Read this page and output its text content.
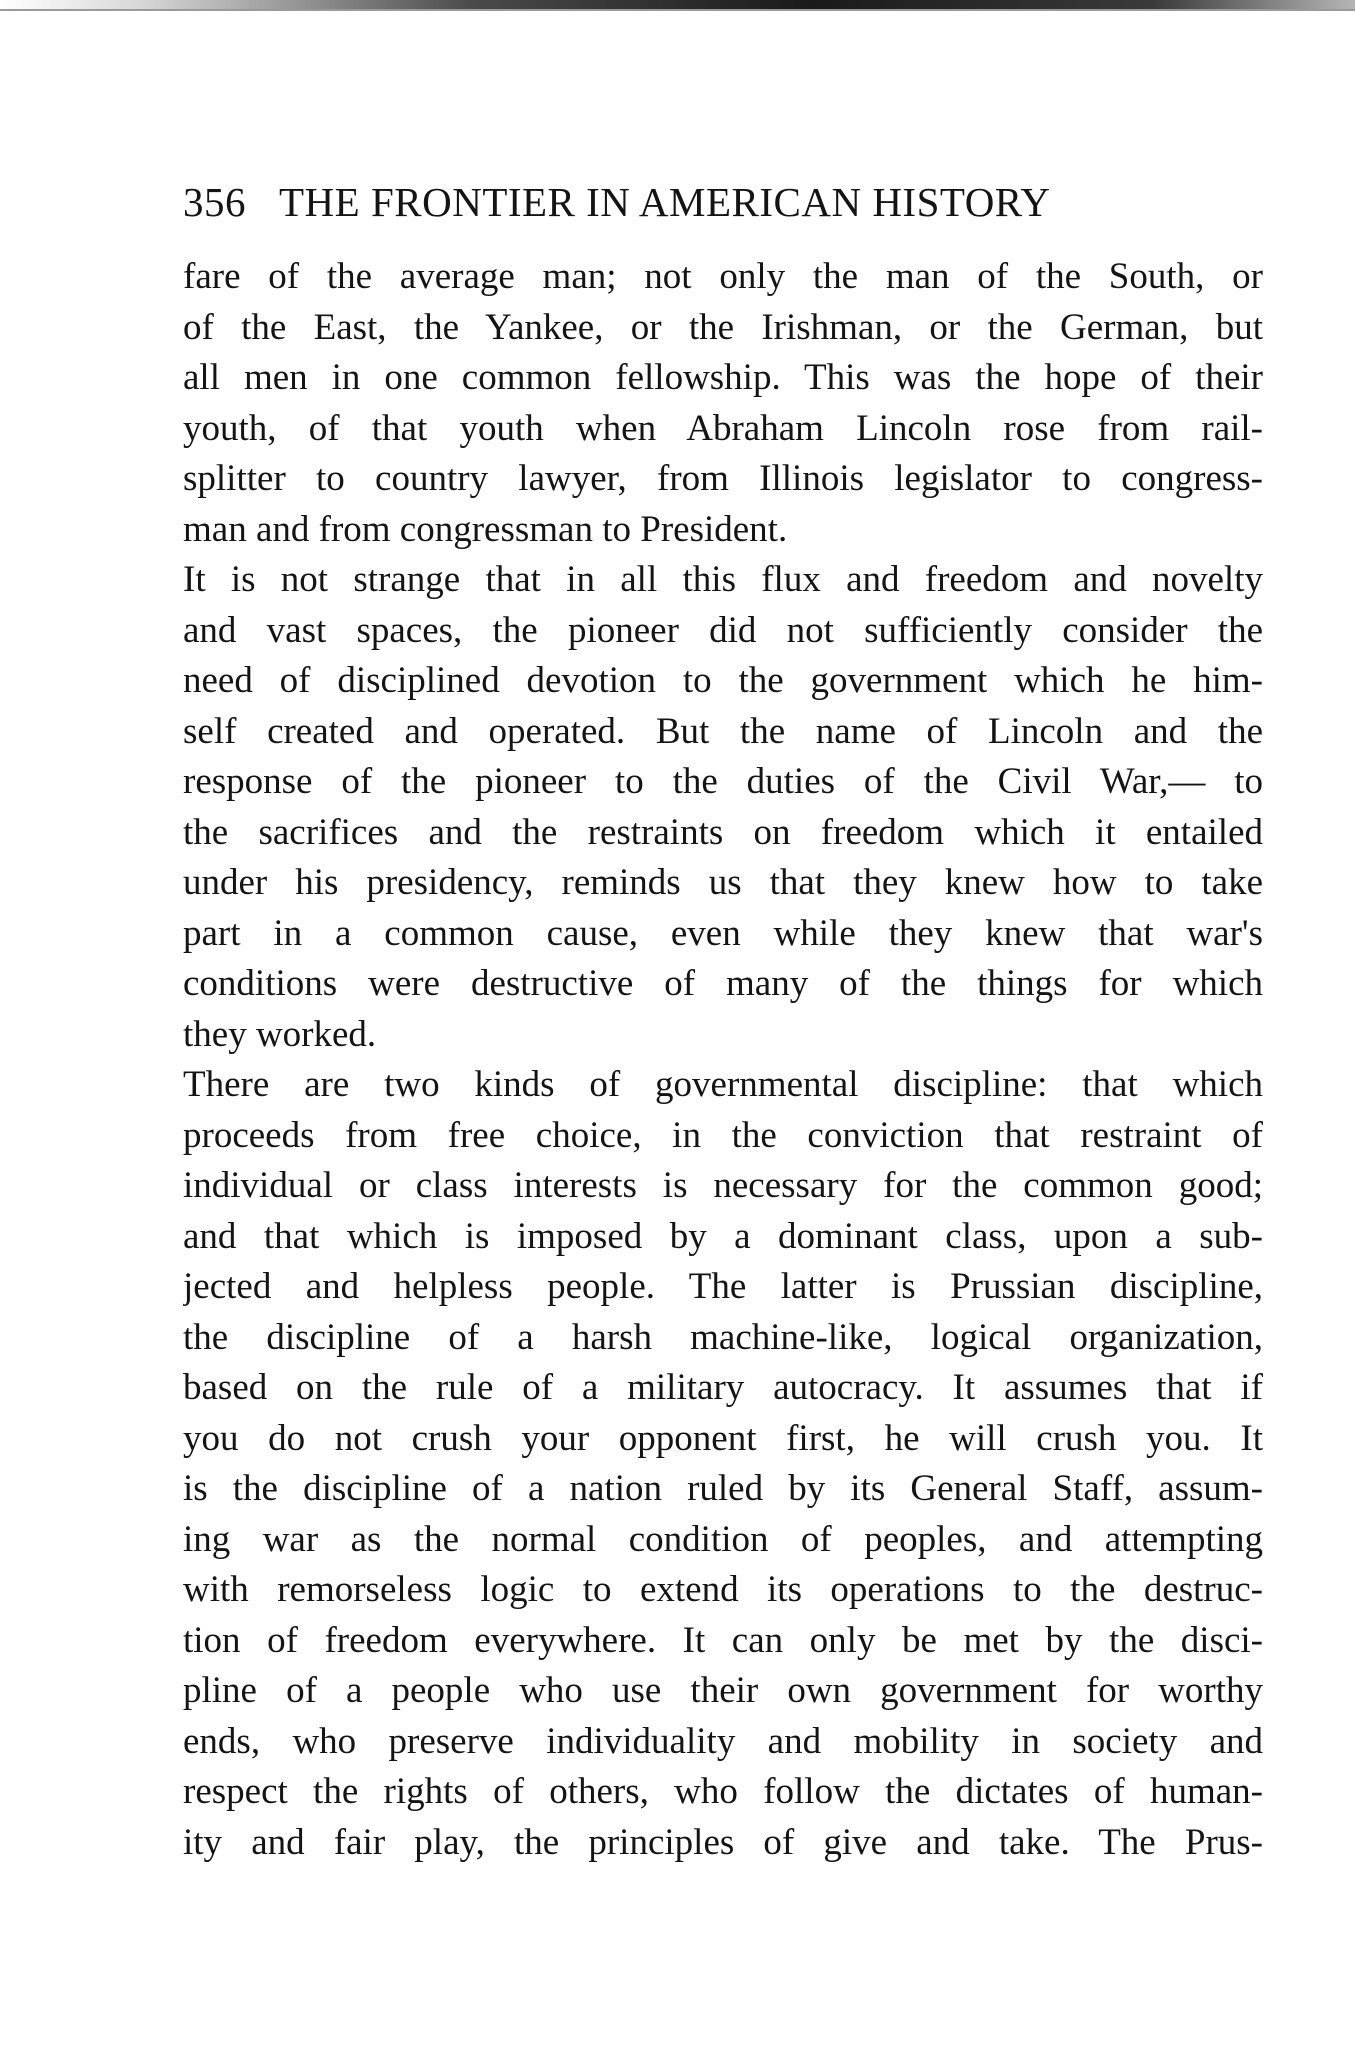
356 THE FRONTIER IN AMERICAN HISTORY

fare of the average man; not only the man of the South, or
of the East, the Yankee, or the Irishman, or the German, but
all men in one common fellowship. This was the hope of their
youth, of that youth when Abraham Lincoln rose from rail-
splitter to country lawyer, from Illinois legislator to congress-
man and from congressman to President.

It is not strange that in all this flux and freedom and novelty
and vast spaces, the pioneer did not sufficiently consider the
need of disciplined devotion to the government which he him-
self created and operated. But the name of Lincoln and the
response of the pioneer to the duties of the Civil War,— to
the sacrifices and the restraints on freedom which it entailed
under his presidency, reminds us that they knew how to take
part in a common cause, even while they knew that war's
conditions were destructive of many of the things for which
they worked.

There are two kinds of governmental discipline: that which
proceeds from free choice, in the conviction that restraint of
individual or class interests is necessary for the common good;
and that which is imposed by a dominant class, upon a sub-
jected and helpless people. The latter is Prussian discipline,
the discipline of a harsh machine-like, logical organization,
based on the rule of a military autocracy. It assumes that if
you do not crush your opponent first, he will crush you. It
is the discipline of a nation ruled by its General Staff, assum-
ing war as the normal condition of peoples, and attempting
with remorseless logic to extend its operations to the destruc-
tion of freedom everywhere. It can only be met by the disci-
pline of a people who use their own government for worthy
ends, who preserve individuality and mobility in society and
respect the rights of others, who follow the dictates of human-
ity and fair play, the principles of give and take. The Prus-
